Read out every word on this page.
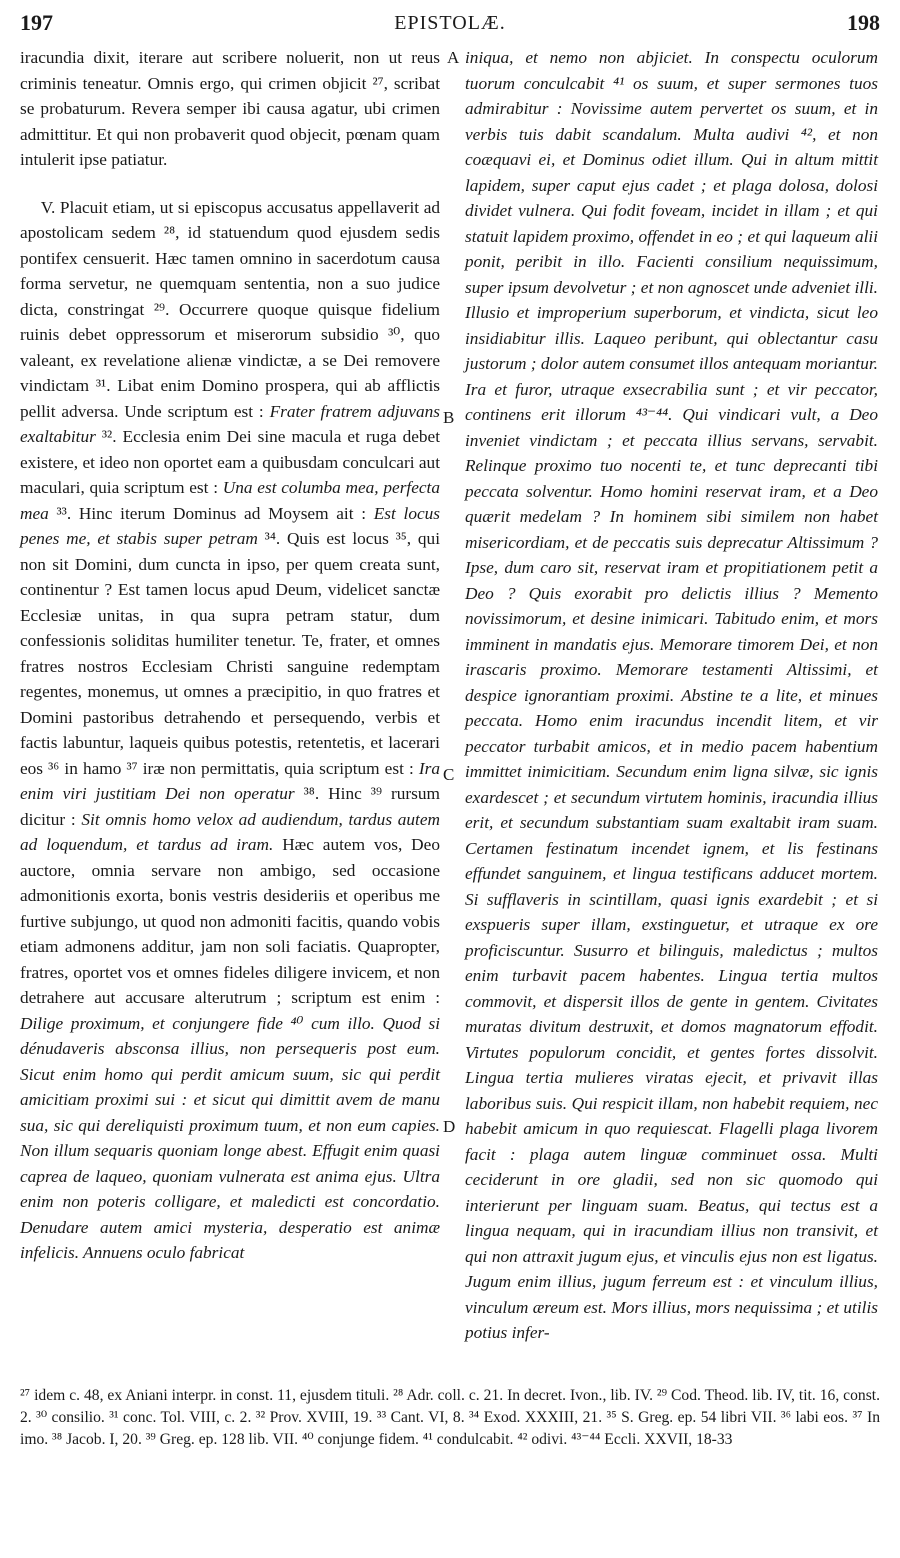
197	EPISTOLÆ.	198

iracundia dixit, iterare aut scribere noluerit, non ut reus criminis teneatur. Omnis ergo, qui crimen objicit ²⁷, scribat se probaturum. Revera semper ibi causa agatur, ubi crimen admittitur. Et qui non probaverit quod objecit, pœnam quam intulerit ipse patiatur.

V. Placuit etiam, ut si episcopus accusatus appellaverit ad apostolicam sedem ²⁸, id statuendum quod ejusdem sedis pontifex censuerit. Hæc tamen omnino in sacerdotum causa forma servetur, ne quemquam sententia, non a suo judice dicta, constringat ²⁹. Occurrere quoque quisque fidelium ruinis debet oppressorum et miserorum subsidio ³⁰, quo valeant, ex revelatione alienæ vindictæ, a se Dei removere vindictam ³¹. Libat enim Domino prospera, qui ab afflictis pellit adversa. Unde scriptum est : Frater fratrem adjuvans exaltabitur ³². Ecclesia enim Dei sine macula et ruga debet existere, et ideo non oportet eam a quibusdam conculcari aut maculari, quia scriptum est : Una est columba mea, perfecta mea ³³. Hinc iterum Dominus ad Moysem ait : Est locus penes me, et stabis super petram ³⁴. Quis est locus ³⁵, qui non sit Domini, dum cuncta in ipso, per quem creata sunt, continentur ? Est tamen locus apud Deum, videlicet sanctæ Ecclesiæ unitas, in qua supra petram statur, dum confessionis soliditas humiliter tenetur. Te, frater, et omnes fratres nostros Ecclesiam Christi sanguine redemptam regentes, monemus, ut omnes a præcipitio, in quo fratres et Domini pastoribus detrahendo et persequendo, verbis et factis labuntur, laqueis quibus potestis, retentetis, et lacerari eos ³⁶ in hamo ³⁷ iræ non permittatis, quia scriptum est : Ira enim viri justitiam Dei non operatur ³⁸. Hinc ³⁹ rursum dicitur : Sit omnis homo velox ad audiendum, tardus autem ad loquendum, et tardus ad iram. Hæc autem vos, Deo auctore, omnia servare non ambigo, sed occasione admonitionis exorta, bonis vestris desideriis et operibus me furtive subjungo, ut quod non admoniti facitis, quando vobis etiam admonens additur, jam non soli faciatis. Quapropter, fratres, oportet vos et omnes fideles diligere invicem, et non detrahere aut accusare alterutrum ; scriptum est enim : Dilige proximum, et conjungere fide ⁴⁰ cum illo. Quod si dénudaveris absconsa illius, non persequeris post eum. Sicut enim homo qui perdit amicum suum, sic qui perdit amicitiam proximi sui : et sicut qui dimittit avem de manu sua, sic qui dereliquisti proximum tuum, et non eum capies. Non illum sequaris quoniam longe abest. Effugit enim quasi caprea de laqueo, quoniam vulnerata est anima ejus. Ultra enim non poteris colligare, et maledicti est concordatio. Denudare autem amici mysteria, desperatio est animæ infelicis. Annuens oculo fabricat

A
B
C
D

iniqua, et nemo non abjiciet. In conspectu oculorum tuorum conculcabit ⁴¹ os suum, et super sermones tuos admirabitur : Novissime autem pervertet os suum, et in verbis tuis dabit scandalum. Multa audivi ⁴², et non coæquavi ei, et Dominus odiet illum. Qui in altum mittit lapidem, super caput ejus cadet ; et plaga dolosa, dolosi dividet vulnera. Qui fodit foveam, incidet in illam ; et qui statuit lapidem proximo, offendet in eo ; et qui laqueum alii ponit, peribit in illo. Facienti consilium nequissimum, super ipsum devolvetur ; et non agnoscet unde adveniet illi. Illusio et improperium superborum, et vindicta, sicut leo insidiabitur illis. Laqueo peribunt, qui oblectantur casu justorum ; dolor autem consumet illos antequam moriantur. Ira et furor, utraque exsecrabilia sunt ; et vir peccator, continens erit illorum ⁴³⁻⁴⁴. Qui vindicari vult, a Deo inveniet vindictam ; et peccata illius servans, servabit. Relinque proximo tuo nocenti te, et tunc deprecanti tibi peccata solventur. Homo homini reservat iram, et a Deo quærit medelam ? In hominem sibi similem non habet misericordiam, et de peccatis suis deprecatur Altissimum ? Ipse, dum caro sit, reservat iram et propitiationem petit a Deo ? Quis exorabit pro delictis illius ? Memento novissimorum, et desine inimicari. Tabitudo enim, et mors imminent in mandatis ejus. Memorare timorem Dei, et non irascaris proximo. Memorare testamenti Altissimi, et despice ignorantiam proximi. Abstine te a lite, et minues peccata. Homo enim iracundus incendit litem, et vir peccator turbabit amicos, et in medio pacem habentium immittet inimicitiam. Secundum enim ligna silvæ, sic ignis exardescet ; et secundum virtutem hominis, iracundia illius erit, et secundum substantiam suam exaltabit iram suam. Certamen festinatum incendet ignem, et lis festinans effundet sanguinem, et lingua testificans adducet mortem. Si sufflaveris in scintillam, quasi ignis exardebit ; et si exspueris super illam, exstinguetur, et utraque ex ore proficiscuntur. Susurro et bilinguis, maledictus ; multos enim turbavit pacem habentes. Lingua tertia multos commovit, et dispersit illos de gente in gentem. Civitates muratas divitum destruxit, et domos magnatorum effodit. Virtutes populorum concidit, et gentes fortes dissolvit. Lingua tertia mulieres viratas ejecit, et privavit illas laboribus suis. Qui respicit illam, non habebit requiem, nec habebit amicum in quo requiescat. Flagelli plaga livorem facit : plaga autem linguæ comminuet ossa. Multi ceciderunt in ore gladii, sed non sic quomodo qui interierunt per linguam suam. Beatus, qui tectus est a lingua nequam, qui in iracundiam illius non transivit, et qui non attraxit jugum ejus, et vinculis ejus non est ligatus. Jugum enim illius, jugum ferreum est : et vinculum illius, vinculum æreum est. Mors illius, mors nequissima ; et utilis potius infer-

²⁷ idem c. 48, ex Aniani interpr. in const. 11, ejusdem tituli. ²⁸ Adr. coll. c. 21. In decret. Ivon., lib. IV. ²⁹ Cod. Theod. lib. IV, tit. 16, const. 2. ³⁰ consilio. ³¹ conc. Tol. VIII, c. 2. ³² Prov. XVIII, 19. ³³ Cant. VI, 8. ³⁴ Exod. XXXIII, 21. ³⁵ S. Greg. ep. 54 libri VII. ³⁶ labi eos. ³⁷ In imo. ³⁸ Jacob. I, 20. ³⁹ Greg. ep. 128 lib. VII. ⁴⁰ conjunge fidem. ⁴¹ condulcabit. ⁴² odivi. ⁴³⁻⁴⁴ Eccli. XXVII, 18-33
